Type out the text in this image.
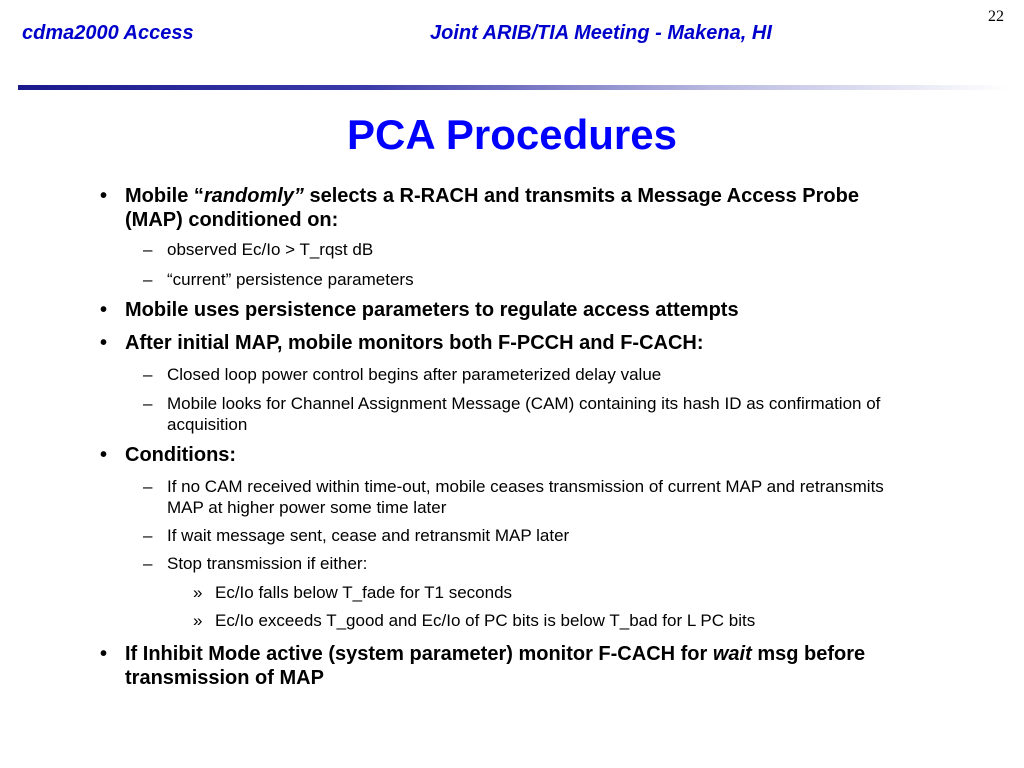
cdma2000 Access	Joint ARIB/TIA Meeting - Makena, HI
22
PCA Procedures
• Mobile “randomly” selects a R-RACH and transmits a Message Access Probe (MAP) conditioned on:
– observed Ec/Io > T_rqst dB
– “current” persistence parameters
• Mobile uses persistence parameters to regulate access attempts
• After initial MAP, mobile monitors both F-PCCH and F-CACH:
– Closed loop power control begins after parameterized delay value
– Mobile looks for Channel Assignment Message (CAM) containing its hash ID as confirmation of acquisition
• Conditions:
– If no CAM received within time-out, mobile ceases transmission of current MAP and retransmits MAP at higher power some time later
– If wait message sent, cease and retransmit MAP later
– Stop transmission if either:
» Ec/Io falls below T_fade for T1 seconds
» Ec/Io exceeds T_good and Ec/Io of PC bits is below T_bad for L PC bits
• If Inhibit Mode active (system parameter) monitor F-CACH for wait msg before transmission of MAP
